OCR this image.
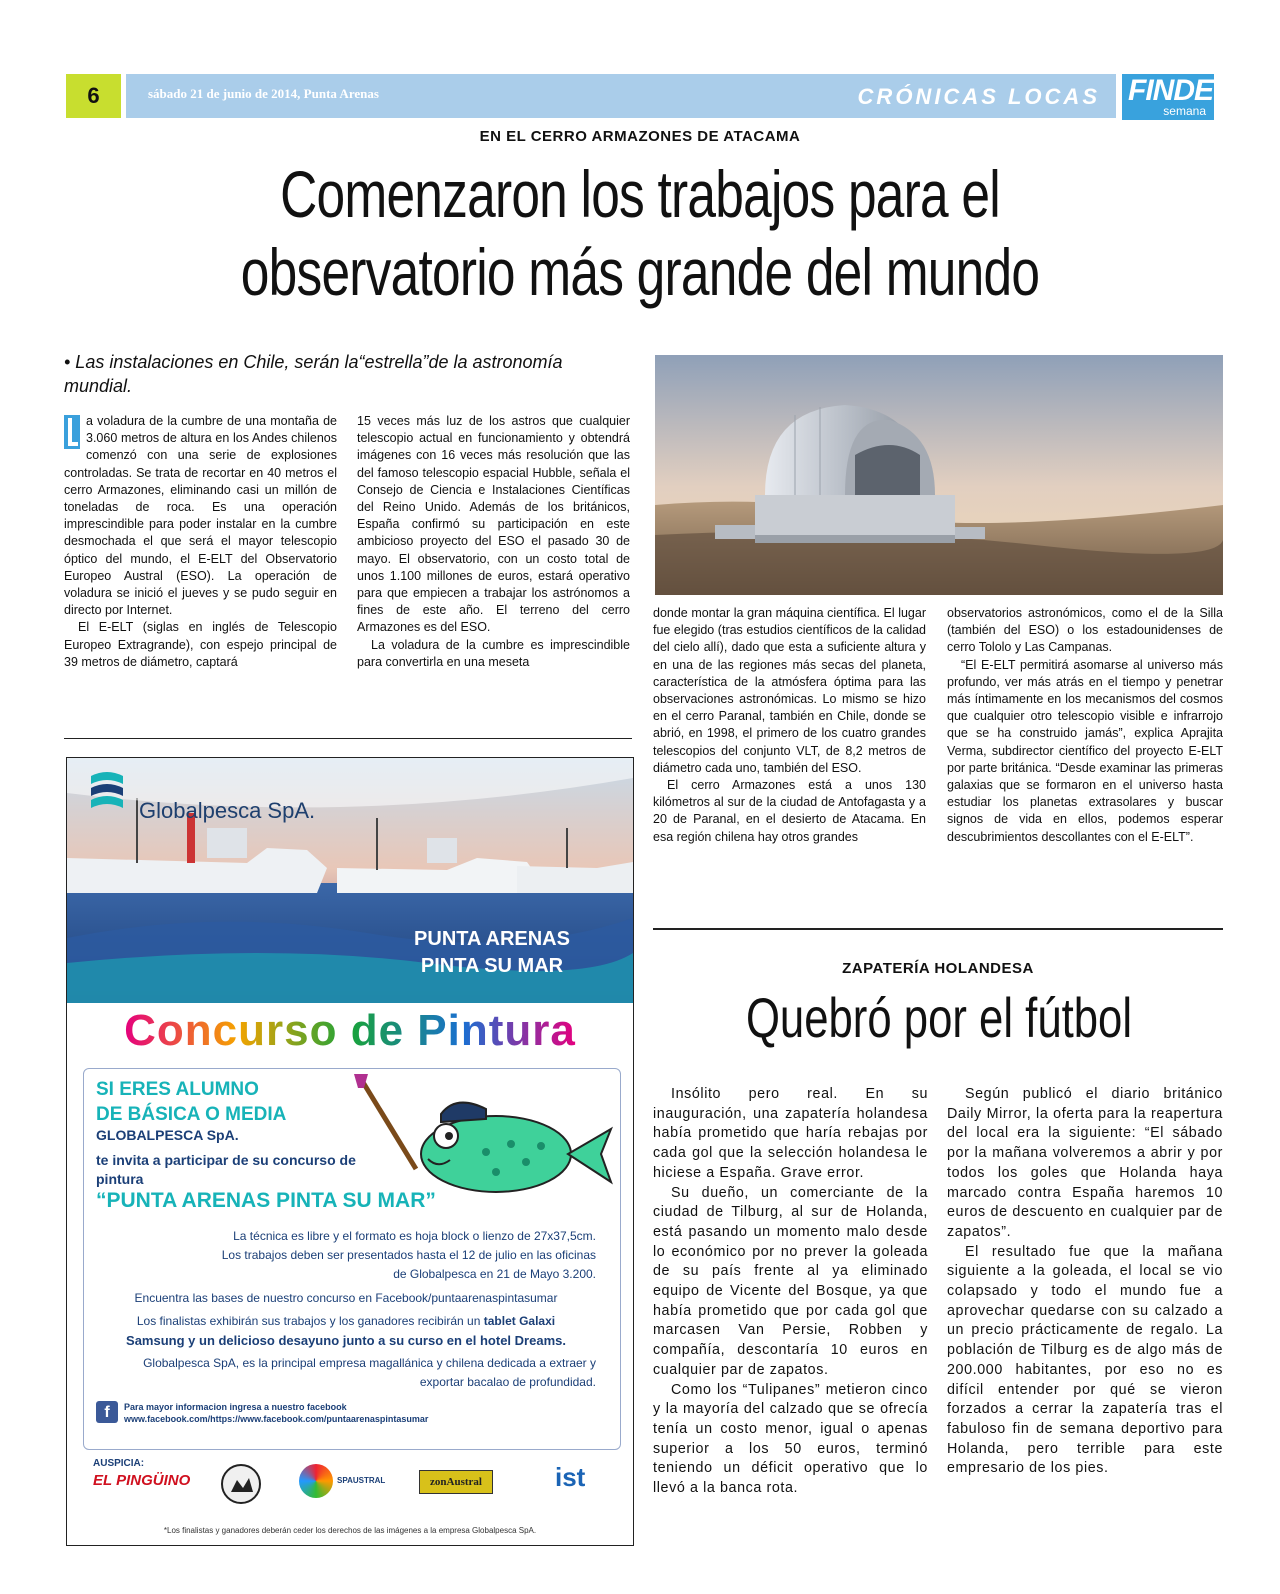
6	sábado 21 de junio de 2014, Punta Arenas	CRÓNICAS LOCAS FINDE
semana
EN EL CERRO ARMAZONES DE ATACAMA
Comenzaron los trabajos para el
observatorio más grande del mundo
• Las instalaciones en Chile, serán la“estrella”de la astronomía mundial.

a voladura de la cumbre de una montaña de 3.060 metros de altura en los Andes chilenos comenzó con una serie de explosiones controladas. Se trata de recortar en 40 metros el cerro Armazones, eliminando casi un millón de toneladas de roca. Es una operación imprescindible para poder instalar en la cumbre desmochada el que será el mayor telescopio óptico del mundo, el E-ELT del Observatorio Europeo Austral (ESO). La operación de voladura se inició el jueves y se pudo seguir en directo por Internet.

El E-ELT (siglas en inglés de Telescopio Europeo Extragrande), con espejo principal de 39 metros de diámetro, captará

15 veces más luz de los astros que cualquier telescopio actual en funcionamiento y obtendrá imágenes con 16 veces más resolución que las del famoso telescopio espacial Hubble, señala el Consejo de Ciencia e Instalaciones Científicas del Reino Unido. Además de los británicos, España confirmó su participación en este ambicioso proyecto del ESO el pasado 30 de mayo. El observatorio, con un costo total de unos 1.100 millones de euros, estará operativo para que empiecen a trabajar los astrónomos a fines de este año. El terreno del cerro Armazones es del ESO.

La voladura de la cumbre es imprescindible para convertirla en una meseta

donde montar la gran máquina científica. El lugar fue elegido (tras estudios científicos de la calidad del cielo allí), dado que esta a suficiente altura y en una de las regiones más secas del planeta, característica de la atmósfera óptima para las observaciones astronómicas. Lo mismo se hizo en el cerro Paranal, también en Chile, donde se abrió, en 1998, el primero de los cuatro grandes telescopios del conjunto VLT, de 8,2 metros de diámetro cada uno, también del ESO.

El cerro Armazones está a unos 130 kilómetros al sur de la ciudad de Antofagasta y a 20 de Paranal, en el desierto de Atacama. En esa región chilena hay otros grandes

observatorios astronómicos, como el de la Silla (también del ESO) o los estadounidenses de cerro Tololo y Las Campanas.

“El E-ELT permitirá asomarse al universo más profundo, ver más atrás en el tiempo y penetrar más íntimamente en los mecanismos del cosmos que cualquier otro telescopio visible e infrarrojo que se ha construido jamás”, explica Aprajita Verma, subdirector científico del proyecto E-ELT por parte británica. “Desde examinar las primeras galaxias que se formaron en el universo hasta estudiar los planetas extrasolares y buscar signos de vida en ellos, podemos esperar descubrimientos descollantes con el E-ELT”.

ZAPATERÍA HOLANDESA
Quebró por el fútbol

Insólito pero real. En su inauguración, una zapatería holandesa había prometido que haría rebajas por cada gol que la selección holandesa le hiciese a España. Grave error.

Su dueño, un comerciante de la ciudad de Tilburg, al sur de Holanda, está pasando un momento malo desde lo económico por no prever la goleada de su país frente al ya eliminado equipo de Vicente del Bosque, ya que había prometido que por cada gol que marcasen Van Persie, Robben y compañía, descontaría 10 euros en cualquier par de zapatos.

Como los “Tulipanes” metieron cinco y la mayoría del calzado que se ofrecía tenía un costo menor, igual o apenas superior a los 50 euros, terminó teniendo un déficit operativo que lo llevó a la banca rota.

Según publicó el diario británico Daily Mirror, la oferta para la reapertura del local era la siguiente: “El sábado por la mañana volveremos a abrir y por todos los goles que Holanda haya marcado contra España haremos 10 euros de descuento en cualquier par de zapatos”.

El resultado fue que la mañana siguiente a la goleada, el local se vio colapsado y todo el mundo fue a aprovechar quedarse con su calzado a un precio prácticamente de regalo. La población de Tilburg es de algo más de 200.000 habitantes, por eso no es difícil entender por qué se vieron forzados a cerrar la zapatería tras el fabuloso fin de semana deportivo para Holanda, pero terrible para este empresario de los pies.

Globalpesca SpA.
PUNTA ARENAS
PINTA SU MAR
Concurso de Pintura
SI ERES ALUMNO
DE BÁSICA O MEDIA
GLOBALPESCA SpA.
te invita a participar de su concurso de pintura
“PUNTA ARENAS PINTA SU MAR”
La técnica es libre y el formato es hoja block o lienzo de 27x37,5cm.
Los trabajos deben ser presentados hasta el 12 de julio en las oficinas
de Globalpesca en 21 de Mayo 3.200.
Encuentra las bases de nuestro concurso en Facebook/puntaarenaspintasumar
Los finalistas exhibirán sus trabajos y los ganadores recibirán un tablet Galaxi
Samsung y un delicioso desayuno junto a su curso en el hotel Dreams.
Globalpesca SpA, es la principal empresa magallánica y chilena dedicada a extraer y
exportar bacalao de profundidad.
f	Para mayor informacion ingresa a nuestro facebook
www.facebook.com/https://www.facebook.com/puntaarenaspintasumar
AUSPICIA:
EL PINGÜINO	SPAUSTRAL	zonAustral	ist
*Los finalistas y ganadores deberán ceder los derechos de las imágenes a la empresa Globalpesca SpA.
